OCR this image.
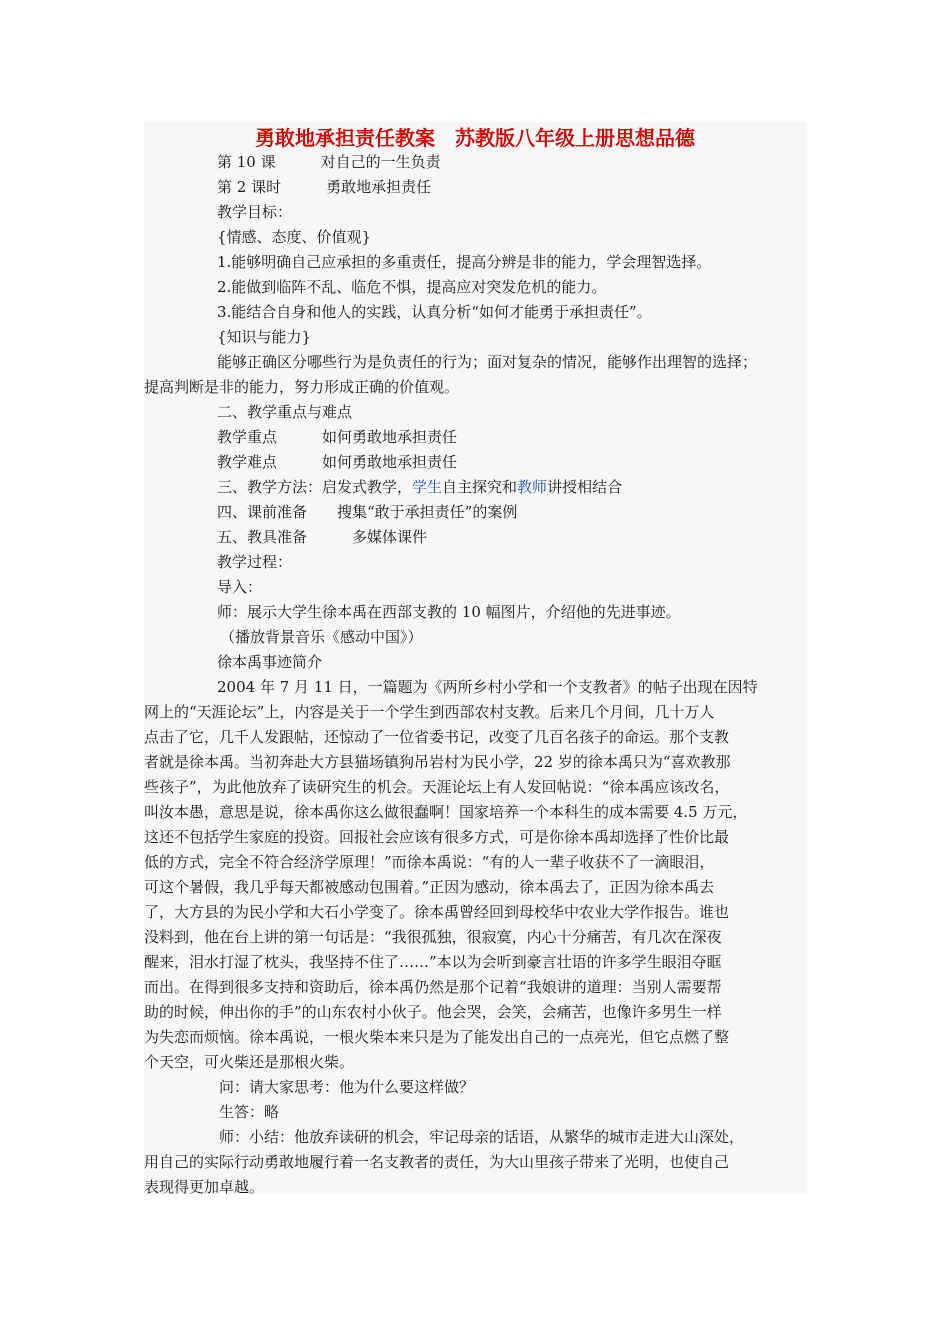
勇敢地承担责任教案　苏教版八年级上册思想品德
第 10 课　　　对自己的一生负责
第 2 课时　　　勇敢地承担责任
教学目标：
{情感、态度、价值观}
1.能够明确自己应承担的多重责任，提高分辨是非的能力，学会理智选择。
2.能做到临阵不乱、临危不惧，提高应对突发危机的能力。
3.能结合自身和他人的实践，认真分析“如何才能勇于承担责任”。
{知识与能力}
能够正确区分哪些行为是负责任的行为；面对复杂的情况，能够作出理智的选择；
提高判断是非的能力，努力形成正确的价值观。
二、教学重点与难点
教学重点　　　如何勇敢地承担责任
教学难点　　　如何勇敢地承担责任
三、教学方法：启发式教学，学生自主探究和教师讲授相结合
四、课前准备　　搜集“敢于承担责任”的案例
五、教具准备　　　多媒体课件
教学过程：
导入：
师：展示大学生徐本禹在西部支教的 10 幅图片，介绍他的先进事迹。
（播放背景音乐《感动中国》）
徐本禹事迹简介
2004 年 7 月 11 日，一篇题为《两所乡村小学和一个支教者》的帖子出现在因特
网上的“天涯论坛”上，内容是关于一个学生到西部农村支教。后来几个月间，几十万人
点击了它，几千人发跟帖，还惊动了一位省委书记，改变了几百名孩子的命运。那个支教
者就是徐本禹。当初奔赴大方县猫场镇狗吊岩村为民小学，22 岁的徐本禹只为“喜欢教那
些孩子”，为此他放弃了读研究生的机会。天涯论坛上有人发回帖说：“徐本禹应该改名，
叫汝本愚，意思是说，徐本禹你这么做很蠢啊！国家培养一个本科生的成本需要 4.5 万元，
这还不包括学生家庭的投资。回报社会应该有很多方式，可是你徐本禹却选择了性价比最
低的方式，完全不符合经济学原理！”而徐本禹说：“有的人一辈子收获不了一滴眼泪，
可这个暑假，我几乎每天都被感动包围着。”正因为感动，徐本禹去了，正因为徐本禹去
了，大方县的为民小学和大石小学变了。徐本禹曾经回到母校华中农业大学作报告。谁也
没料到，他在台上讲的第一句话是：“我很孤独，很寂寞，内心十分痛苦，有几次在深夜
醒来，泪水打湿了枕头，我坚持不住了……”本以为会听到豪言壮语的许多学生眼泪夺眶
而出。在得到很多支持和资助后，徐本禹仍然是那个记着“我娘讲的道理：当别人需要帮
助的时候，伸出你的手”的山东农村小伙子。他会哭，会笑，会痛苦，也像许多男生一样
为失恋而烦恼。徐本禹说，一根火柴本来只是为了能发出自己的一点亮光，但它点燃了整
个天空，可火柴还是那根火柴。
问：请大家思考：他为什么要这样做？
生答：略
师：小结：他放弃读研的机会，牢记母亲的话语，从繁华的城市走进大山深处，
用自己的实际行动勇敢地履行着一名支教者的责任，为大山里孩子带来了光明，也使自己
表现得更加卓越。
